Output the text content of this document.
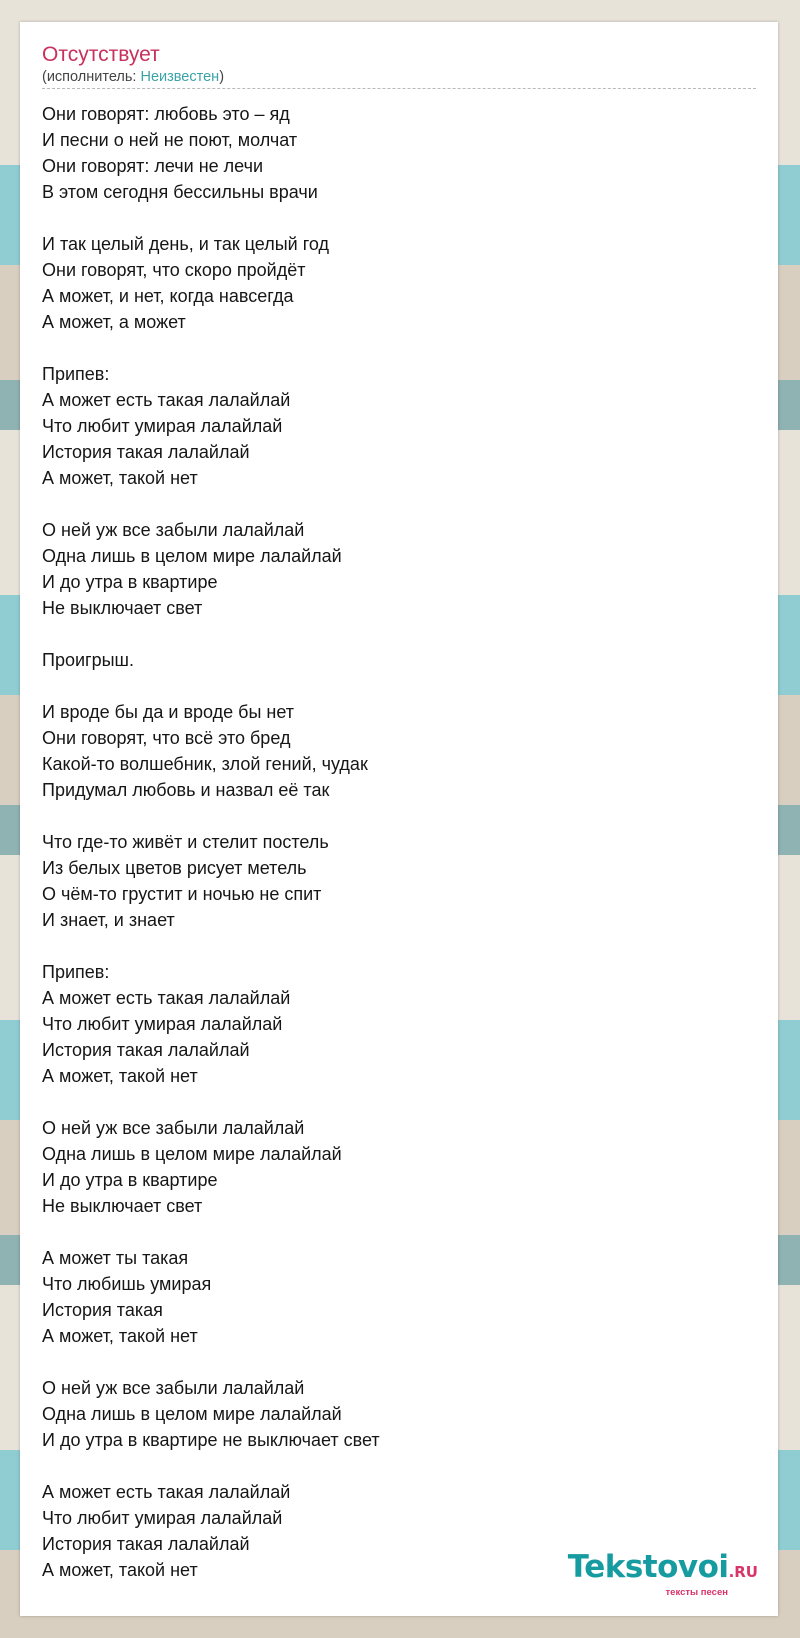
Отсутствует
(исполнитель: Неизвестен)
Они говорят: любовь это – яд
И песни о ней не поют, молчат
Они говорят: лечи не лечи
В этом сегодня бессильны врачи
И так целый день, и так целый год
Они говорят, что скоро пройдёт
А может, и нет, когда навсегда
А может, а может
Припев:
А может есть такая лалайлай
Что любит умирая лалайлай
История такая лалайлай
А может, такой нет
О ней уж все забыли лалайлай
Одна лишь в целом мире лалайлай
И до утра в квартире
Не выключает свет
Проигрыш.
И вроде бы да и вроде бы нет
Они говорят, что всё это бред
Какой-то волшебник, злой гений, чудак
Придумал любовь и назвал её так
Что где-то живёт и стелит постель
Из белых цветов рисует метель
О чём-то грустит и ночью не спит
И знает, и знает
Припев:
А может есть такая лалайлай
Что любит умирая лалайлай
История такая лалайлай
А может, такой нет
О ней уж все забыли лалайлай
Одна лишь в целом мире лалайлай
И до утра в квартире
Не выключает свет
А может ты такая
Что любишь умирая
История такая
А может, такой нет
О ней уж все забыли лалайлай
Одна лишь в целом мире лалайлай
И до утра в квартире не выключает свет
А может есть такая лалайлай
Что любит умирая лалайлай
История такая лалайлай
А может, такой нет	Tekstovoi.RU
тексты песен
